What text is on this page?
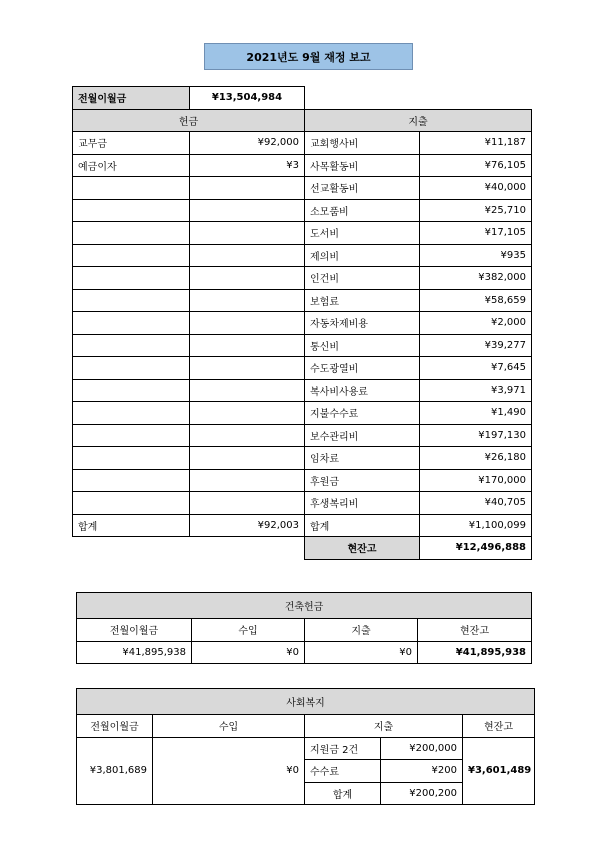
2021년도 9월 재정 보고
전월이월금	¥13,504,984		
헌금		지출	
교무금	¥92,000	교회행사비	¥11,187
예금이자	¥3	사목활동비	¥76,105
		선교활동비	¥40,000
		소모품비	¥25,710
		도서비	¥17,105
		제의비	¥935
		인건비	¥382,000
		보험료	¥58,659
		자동차제비용	¥2,000
		통신비	¥39,277
		수도광열비	¥7,645
		복사비사용료	¥3,971
		지불수수료	¥1,490
		보수관리비	¥197,130
		임차료	¥26,180
		후원금	¥170,000
		후생복리비	¥40,705
합계	¥92,003	합계	¥1,100,099
		현잔고	¥12,496,888
건축헌금			
전월이월금	수입	지출	현잔고
¥41,895,938	¥0	¥0	¥41,895,938
사회복지				
전월이월금	수입	지출		현잔고
¥3,801,689	¥0	지원금 2건	¥200,000	¥3,601,489
		수수료	¥200	
		합계	¥200,200	
